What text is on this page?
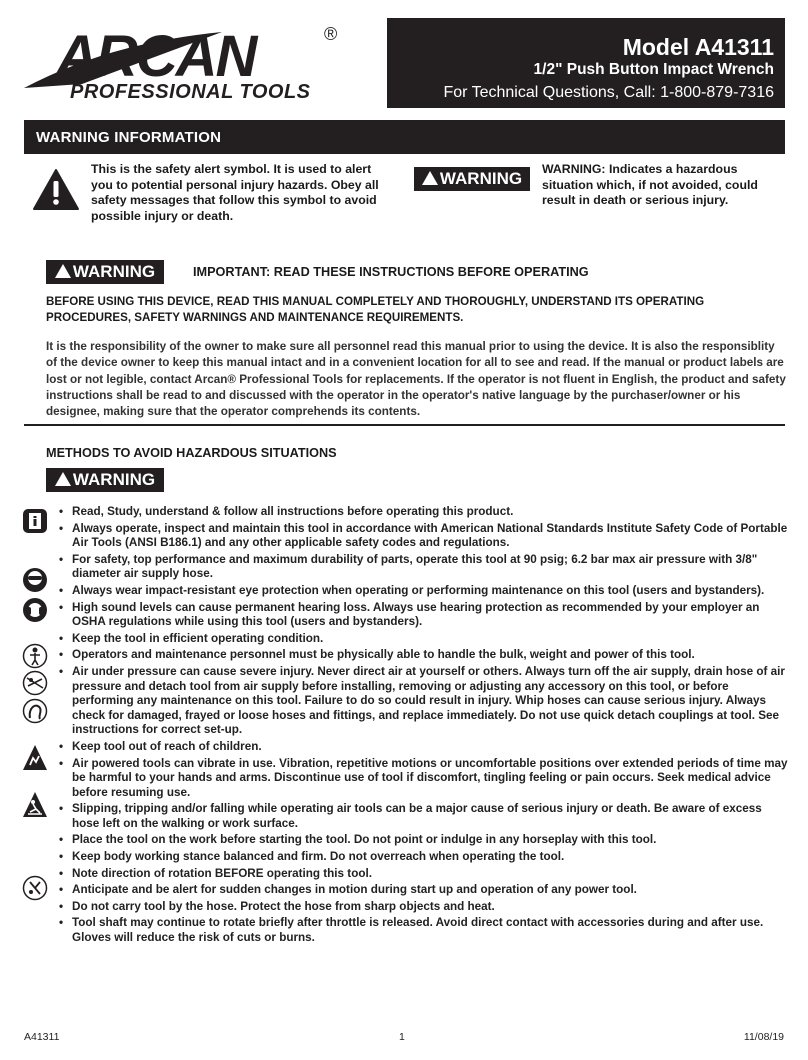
ARCAN	®
PROFESSIONAL TOOLS
Model A41311
1/2" Push Button Impact Wrench
For Technical Questions, Call: 1-800-879-7316
WARNING INFORMATION
This is the safety alert symbol. It is used to alert you to potential personal injury hazards. Obey all safety messages that follow this symbol to avoid possible injury or death.
WARNING WARNING: Indicates a hazardous situation which, if not avoided, could result in death or serious injury.
WARNING	IMPORTANT: READ THESE INSTRUCTIONS BEFORE OPERATING
BEFORE USING THIS DEVICE, READ THIS MANUAL COMPLETELY AND THOROUGHLY, UNDERSTAND ITS OPERATING PROCEDURES, SAFETY WARNINGS AND MAINTENANCE REQUIREMENTS.
It is the responsibility of the owner to make sure all personnel read this manual prior to using the device. It is also the responsiblity of the device owner to keep this manual intact and in a convenient location for all to see and read. If the manual or product labels are lost or not legible, contact Arcan® Professional Tools for replacements. If the operator is not fluent in English, the product and safety instructions shall be read to and discussed with the operator in the operator's native language by the purchaser/owner or his designee, making sure that the operator comprehends its contents.
METHODS TO AVOID HAZARDOUS SITUATIONS
WARNING
• Read, Study, understand & follow all instructions before operating this product.
• Always operate, inspect and maintain this tool in accordance with American National Standards Institute Safety Code of Portable Air Tools (ANSI B186.1) and any other applicable safety codes and regulations.
• For safety, top performance and maximum durability of parts, operate this tool at 90 psig; 6.2 bar max air pressure with 3/8" diameter air supply hose.
• Always wear impact-resistant eye protection when operating or performing maintenance on this tool (users and bystanders).
• High sound levels can cause permanent hearing loss. Always use hearing protection as recommended by your employer an OSHA regulations while using this tool (users and bystanders).
• Keep the tool in efficient operating condition.
• Operators and maintenance personnel must be physically able to handle the bulk, weight and power of this tool.
• Air under pressure can cause severe injury. Never direct air at yourself or others. Always turn off the air supply, drain hose of air pressure and detach tool from air supply before installing, removing or adjusting any accessory on this tool, or before performing any maintenance on this tool. Failure to do so could result in injury. Whip hoses can cause serious injury. Always check for damaged, frayed or loose hoses and fittings, and replace immediately. Do not use quick detach couplings at tool. See instructions for correct set-up.
• Keep tool out of reach of children.
• Air powered tools can vibrate in use. Vibration, repetitive motions or uncomfortable positions over extended periods of time may be harmful to your hands and arms. Discontinue use of tool if discomfort, tingling feeling or pain occurs. Seek medical advice before resuming use.
• Slipping, tripping and/or falling while operating air tools can be a major cause of serious injury or death. Be aware of excess hose left on the walking or work surface.
• Place the tool on the work before starting the tool. Do not point or indulge in any horseplay with this tool.
• Keep body working stance balanced and firm. Do not overreach when operating the tool.
• Note direction of rotation BEFORE operating this tool.
• Anticipate and be alert for sudden changes in motion during start up and operation of any power tool.
• Do not carry tool by the hose. Protect the hose from sharp objects and heat.
• Tool shaft may continue to rotate briefly after throttle is released. Avoid direct contact with accessories during and after use. Gloves will reduce the risk of cuts or burns.
A41311	1	11/08/19
